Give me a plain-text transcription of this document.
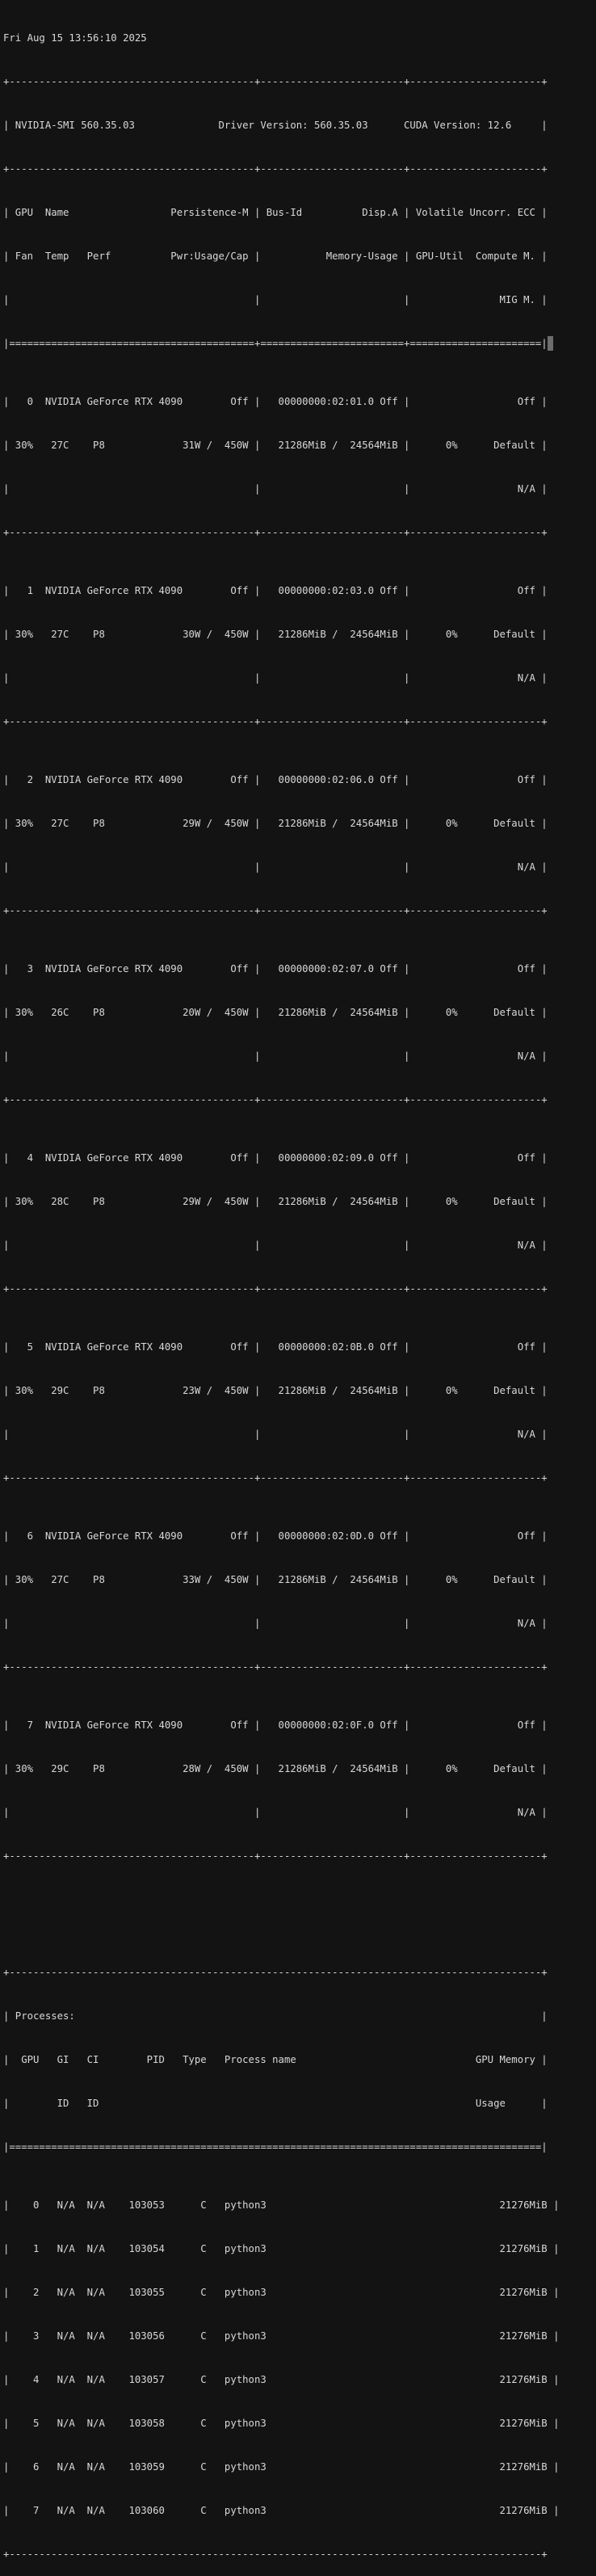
Fri Aug 15 13:56:10 2025

+-----------------------------------------+------------------------+----------------------+

| NVIDIA-SMI 560.35.03              Driver Version: 560.35.03      CUDA Version: 12.6     |

+-----------------------------------------+------------------------+----------------------+

| GPU  Name                 Persistence-M | Bus-Id          Disp.A | Volatile Uncorr. ECC |

| Fan  Temp   Perf          Pwr:Usage/Cap |           Memory-Usage | GPU-Util  Compute M. |

|                                         |                        |               MIG M. |

|=========================================+========================+======================|

|   0  NVIDIA GeForce RTX 4090        Off |   00000000:02:01.0 Off |                  Off |

| 30%   27C    P8             31W /  450W |   21286MiB /  24564MiB |      0%      Default |

|                                         |                        |                  N/A |

+-----------------------------------------+------------------------+----------------------+

|   1  NVIDIA GeForce RTX 4090        Off |   00000000:02:03.0 Off |                  Off |

| 30%   27C    P8             30W /  450W |   21286MiB /  24564MiB |      0%      Default |

|                                         |                        |                  N/A |

+-----------------------------------------+------------------------+----------------------+

|   2  NVIDIA GeForce RTX 4090        Off |   00000000:02:06.0 Off |                  Off |

| 30%   27C    P8             29W /  450W |   21286MiB /  24564MiB |      0%      Default |

|                                         |                        |                  N/A |

+-----------------------------------------+------------------------+----------------------+

|   3  NVIDIA GeForce RTX 4090        Off |   00000000:02:07.0 Off |                  Off |

| 30%   26C    P8             20W /  450W |   21286MiB /  24564MiB |      0%      Default |

|                                         |                        |                  N/A |

+-----------------------------------------+------------------------+----------------------+

|   4  NVIDIA GeForce RTX 4090        Off |   00000000:02:09.0 Off |                  Off |

| 30%   28C    P8             29W /  450W |   21286MiB /  24564MiB |      0%      Default |

|                                         |                        |                  N/A |

+-----------------------------------------+------------------------+----------------------+

|   5  NVIDIA GeForce RTX 4090        Off |   00000000:02:0B.0 Off |                  Off |

| 30%   29C    P8             23W /  450W |   21286MiB /  24564MiB |      0%      Default |

|                                         |                        |                  N/A |

+-----------------------------------------+------------------------+----------------------+

|   6  NVIDIA GeForce RTX 4090        Off |   00000000:02:0D.0 Off |                  Off |

| 30%   27C    P8             33W /  450W |   21286MiB /  24564MiB |      0%      Default |

|                                         |                        |                  N/A |

+-----------------------------------------+------------------------+----------------------+

|   7  NVIDIA GeForce RTX 4090        Off |   00000000:02:0F.0 Off |                  Off |

| 30%   29C    P8             28W /  450W |   21286MiB /  24564MiB |      0%      Default |

|                                         |                        |                  N/A |

+-----------------------------------------+------------------------+----------------------+

+-----------------------------------------------------------------------------------------+

| Processes:                                                                              |

|  GPU   GI   CI        PID   Type   Process name                              GPU Memory |

|        ID   ID                                                               Usage      |

|=========================================================================================|

|    0   N/A  N/A    103053      C   python3                                       21276MiB |

|    1   N/A  N/A    103054      C   python3                                       21276MiB |

|    2   N/A  N/A    103055      C   python3                                       21276MiB |

|    3   N/A  N/A    103056      C   python3                                       21276MiB |

|    4   N/A  N/A    103057      C   python3                                       21276MiB |

|    5   N/A  N/A    103058      C   python3                                       21276MiB |

|    6   N/A  N/A    103059      C   python3                                       21276MiB |

|    7   N/A  N/A    103060      C   python3                                       21276MiB |

+-----------------------------------------------------------------------------------------+
